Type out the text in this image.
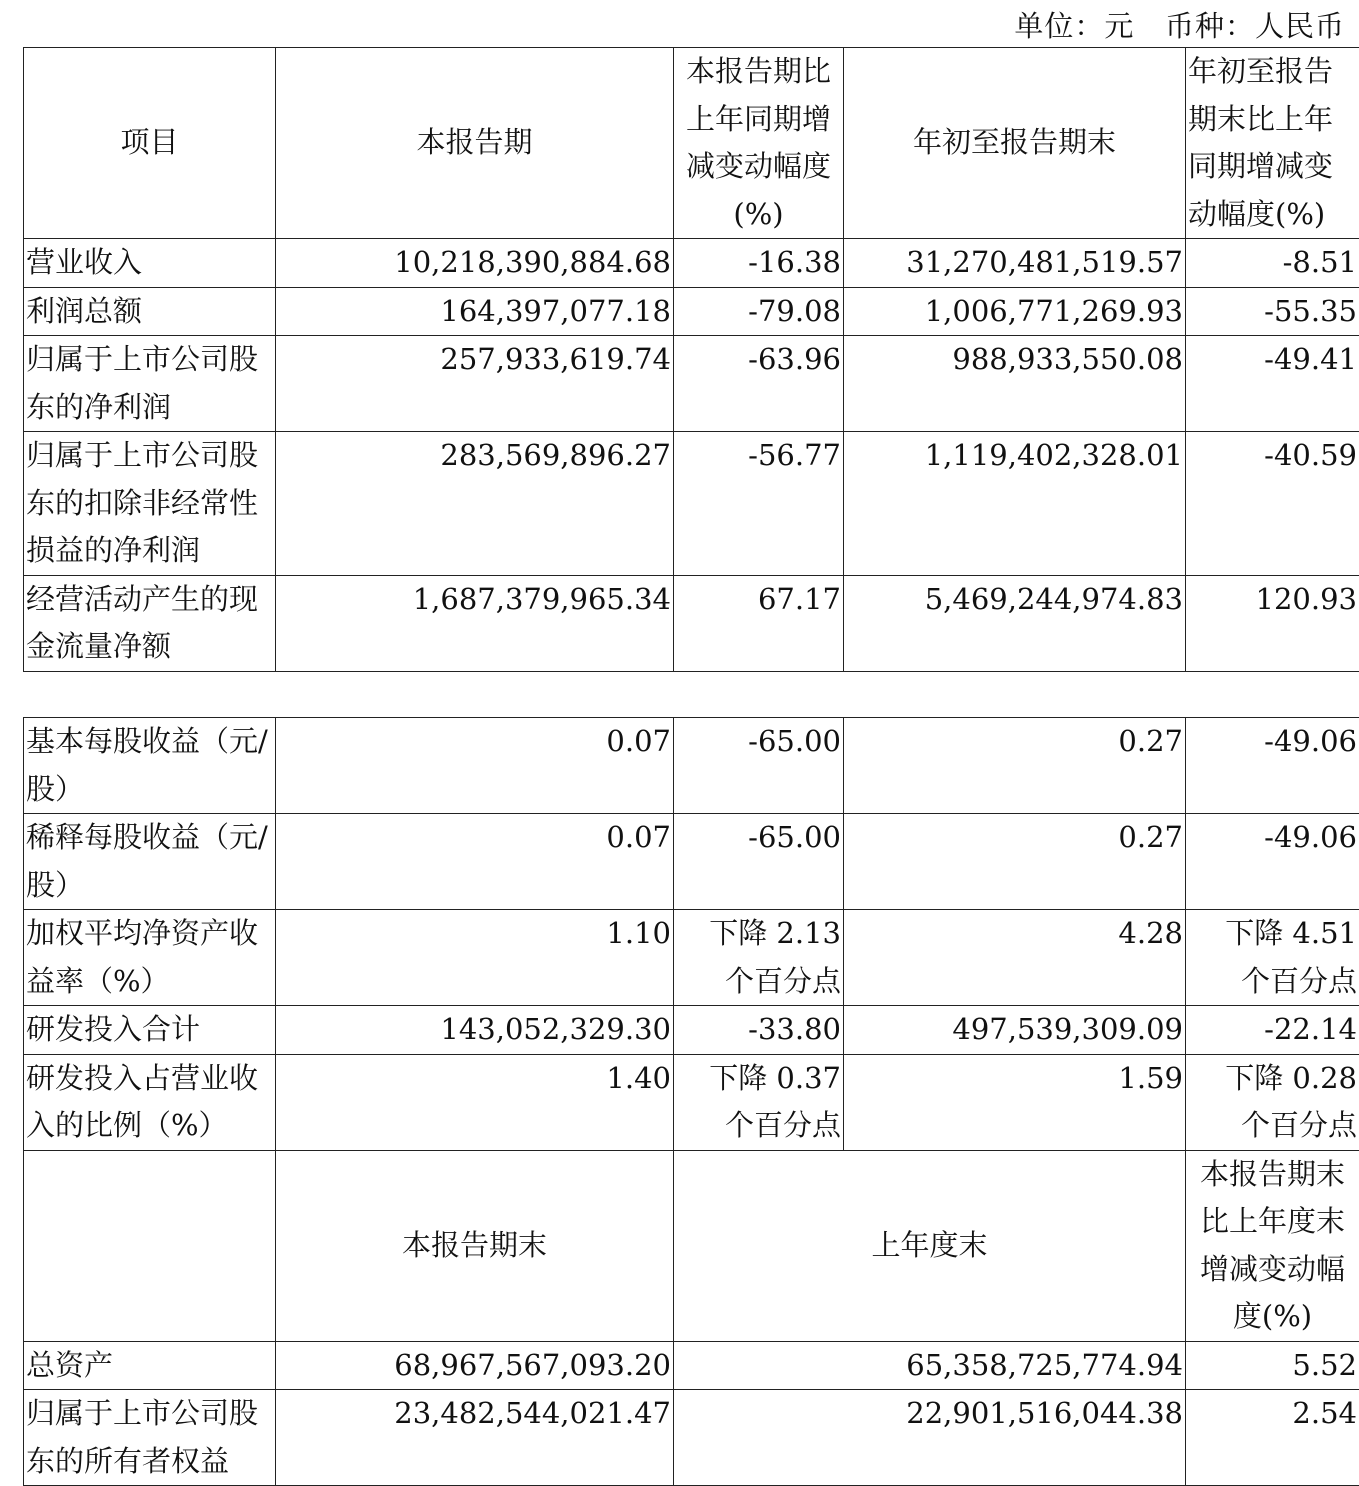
单位：元   币种：人民币
项目	本报告期	本报告期比上年同期增减变动幅度(%)	年初至报告期末	年初至报告期末比上年同期增减变动幅度(%)
营业收入	10,218,390,884.68	-16.38	31,270,481,519.57	-8.51
利润总额	164,397,077.18	-79.08	1,006,771,269.93	-55.35
归属于上市公司股东的净利润	257,933,619.74	-63.96	988,933,550.08	-49.41
归属于上市公司股东的扣除非经常性损益的净利润	283,569,896.27	-56.77	1,119,402,328.01	-40.59
经营活动产生的现金流量净额	1,687,379,965.34	67.17	5,469,244,974.83	120.93
基本每股收益（元/股）	0.07	-65.00	0.27	-49.06
稀释每股收益（元/股）	0.07	-65.00	0.27	-49.06
加权平均净资产收益率（%）	1.10	下降 2.13 个百分点	4.28	下降 4.51 个百分点
研发投入合计	143,052,329.30	-33.80	497,539,309.09	-22.14
研发投入占营业收入的比例（%）	1.40	下降 0.37 个百分点	1.59	下降 0.28 个百分点
	本报告期末	上年度末		本报告期末比上年度末增减变动幅度(%)
总资产	68,967,567,093.20	65,358,725,774.94		5.52
归属于上市公司股东的所有者权益	23,482,544,021.47	22,901,516,044.38		2.54
